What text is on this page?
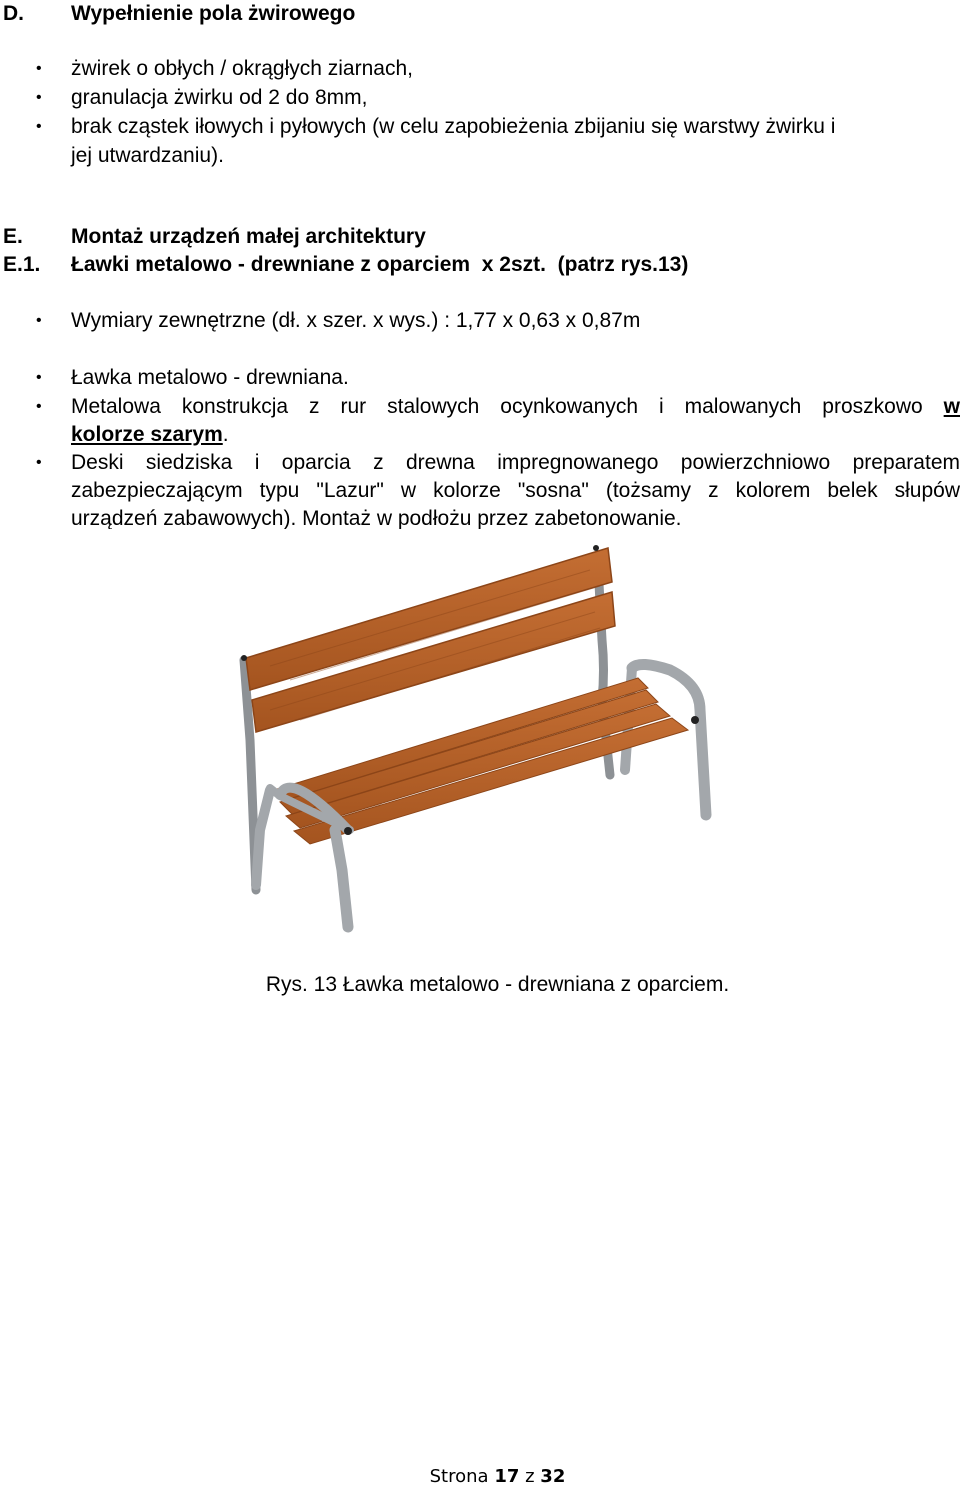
D. Wypełnienie pola żwirowego
• żwirek o obłych / okrągłych ziarnach,
• granulacja żwirku od 2 do 8mm,
• brak cząstek iłowych i pyłowych (w celu zapobieżenia zbijaniu się warstwy żwirku i
jej utwardzaniu).
E. Montaż urządzeń małej architektury
E.1. Ławki metalowo - drewniane z oparciem  x 2szt.  (patrz rys.13)
• Wymiary zewnętrzne (dł. x szer. x wys.) : 1,77 x 0,63 x 0,87m
• Ławka metalowo - drewniana.
• Metalowa konstrukcja z rur stalowych ocynkowanych i malowanych proszkowo w
kolorze szarym.
• Deski siedziska i oparcia z drewna impregnowanego powierzchniowo preparatem
zabezpieczającym typu "Lazur" w kolorze "sosna" (tożsamy z kolorem belek słupów
urządzeń zabawowych). Montaż w podłożu przez zabetonowanie.
Rys. 13 Ławka metalowo - drewniana z oparciem.
Strona 17 z 32
